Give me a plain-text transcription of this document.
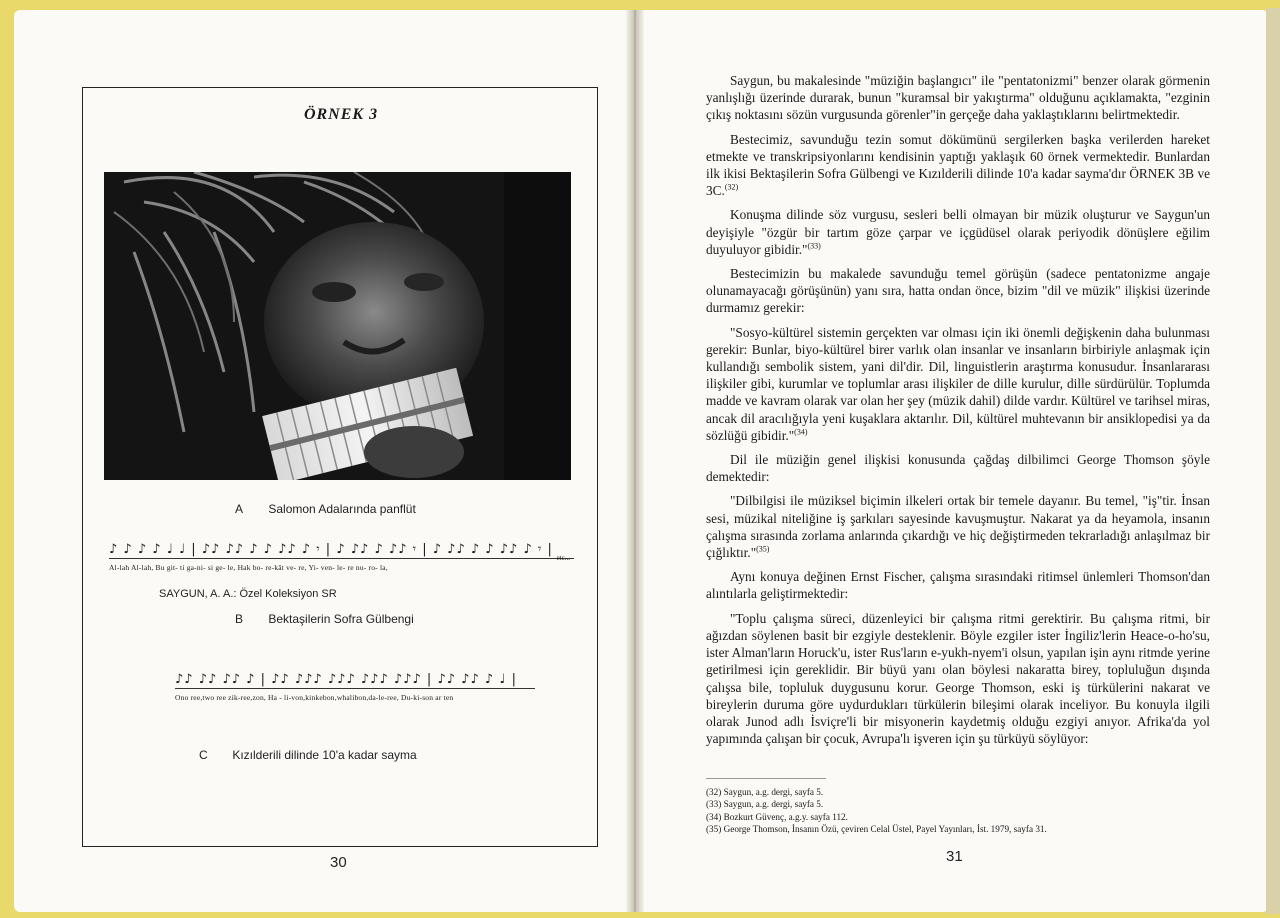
ÖRNEK 3
A Salomon Adalarında panflüt
♪ ♪ ♪ ♪ ♩ ♩ | ♪♪ ♪♪ ♪ ♪ ♪♪ ♪ 𝄾 | ♪ ♪♪ ♪ ♪♪ 𝄾 | ♪ ♪♪ ♪ ♪ ♪♪ ♪ 𝄾 |
Al-lah Al-lah, Bu git- ti ga-ni- si ge- le, Hak bo- re-kât ve- re, Yi- ven- le- re nu- ro- la,
etc...
SAYGUN, A. A.: Özel Koleksiyon SR
B Bektaşilerin Sofra Gülbengi
♪♪ ♪♪ ♪♪ ♪ | ♪♪ ♪♪♪ ♪♪♪ ♪♪♪ ♪♪♪ | ♪♪ ♪♪ ♪ ♩ |
Ono ree,two ree zik-ree,zon, Ha - li-von,kinkebon,whalibon,da-le-ree, Du-ki-son ar ten
C Kızılderili dilinde 10'a kadar sayma
30

Saygun, bu makalesinde "müziğin başlangıcı" ile "pentatonizmi" benzer olarak görmenin yanlışlığı üzerinde durarak, bunun "kuramsal bir yakıştırma" olduğunu açıklamakta, "ezginin çıkış noktasını sözün vurgusunda görenler"in gerçeğe daha yaklaştıklarını belirtmektedir.

Bestecimiz, savunduğu tezin somut dökümünü sergilerken başka verilerden hareket etmekte ve transkripsiyonlarını kendisinin yaptığı yaklaşık 60 örnek vermektedir. Bunlardan ilk ikisi Bektaşilerin Sofra Gülbengi ve Kızılderili dilinde 10'a kadar sayma'dır ÖRNEK 3B ve 3C.$^{(32)}$

Konuşma dilinde söz vurgusu, sesleri belli olmayan bir müzik oluşturur ve Saygun'un deyişiyle "özgür bir tartım göze çarpar ve içgüdüsel olarak periyodik dönüşlere eğilim duyuluyor gibidir."$^{(33)}$

Bestecimizin bu makalede savunduğu temel görüşün (sadece pentatonizme angaje olunamayacağı görüşünün) yanı sıra, hatta ondan önce, bizim "dil ve müzik" ilişkisi üzerinde durmamız gerekir:

"Sosyo-kültürel sistemin gerçekten var olması için iki önemli değişkenin daha bulunması gerekir: Bunlar, biyo-kültürel birer varlık olan insanlar ve insanların birbiriyle anlaşmak için kullandığı sembolik sistem, yani dil'dir. Dil, linguistlerin araştırma konusudur. İnsanlararası ilişkiler gibi, kurumlar ve toplumlar arası ilişkiler de dille kurulur, dille sürdürülür. Toplumda madde ve kavram olarak var olan her şey (müzik dahil) dilde vardır. Kültürel ve tarihsel miras, ancak dil aracılığıyla yeni kuşaklara aktarılır. Dil, kültürel muhtevanın bir ansiklopedisi ya da sözlüğü gibidir."$^{(34)}$

Dil ile müziğin genel ilişkisi konusunda çağdaş dilbilimci George Thomson şöyle demektedir:

"Dilbilgisi ile müziksel biçimin ilkeleri ortak bir temele dayanır. Bu temel, "iş"tir. İnsan sesi, müzikal niteliğine iş şarkıları sayesinde kavuşmuştur. Nakarat ya da heyamola, insanın çalışma sırasında zorlama anlarında çıkardığı ve hiç değiştirmeden tekrarladığı anlaşılmaz bir çığlıktır."$^{(35)}$

Aynı konuya değinen Ernst Fischer, çalışma sırasındaki ritimsel ünlemleri Thomson'dan alıntılarla geliştirmektedir:

"Toplu çalışma süreci, düzenleyici bir çalışma ritmi gerektirir. Bu çalışma ritmi, bir ağızdan söylenen basit bir ezgiyle desteklenir. Böyle ezgiler ister İngiliz'lerin Heace-o-ho'su, ister Alman'ların Horuck'u, ister Rus'ların e-yukh-nyem'i olsun, yapılan işin aynı ritmde yerine getirilmesi için gereklidir. Bir büyü yanı olan böylesi nakaratta birey, topluluğun dışında çalışsa bile, topluluk duygusunu korur. George Thomson, eski iş türkülerini nakarat ve bireylerin duruma göre uydurdukları türkülerin bileşimi olarak inceliyor. Bu konuyla ilgili olarak Junod adlı İsviçre'li bir misyonerin kaydetmiş olduğu ezgiyi anıyor. Afrika'da yol yapımında çalışan bir çocuk, Avrupa'lı işveren için şu türküyü söylüyor:

(32) Saygun, a.g. dergi, sayfa 5.
(33) Saygun, a.g. dergi, sayfa 5.
(34) Bozkurt Güvenç, a.g.y. sayfa 112.
(35) George Thomson, İnsanın Özü, çeviren Celal Üstel, Payel Yayınları, İst. 1979, sayfa 31.
31
